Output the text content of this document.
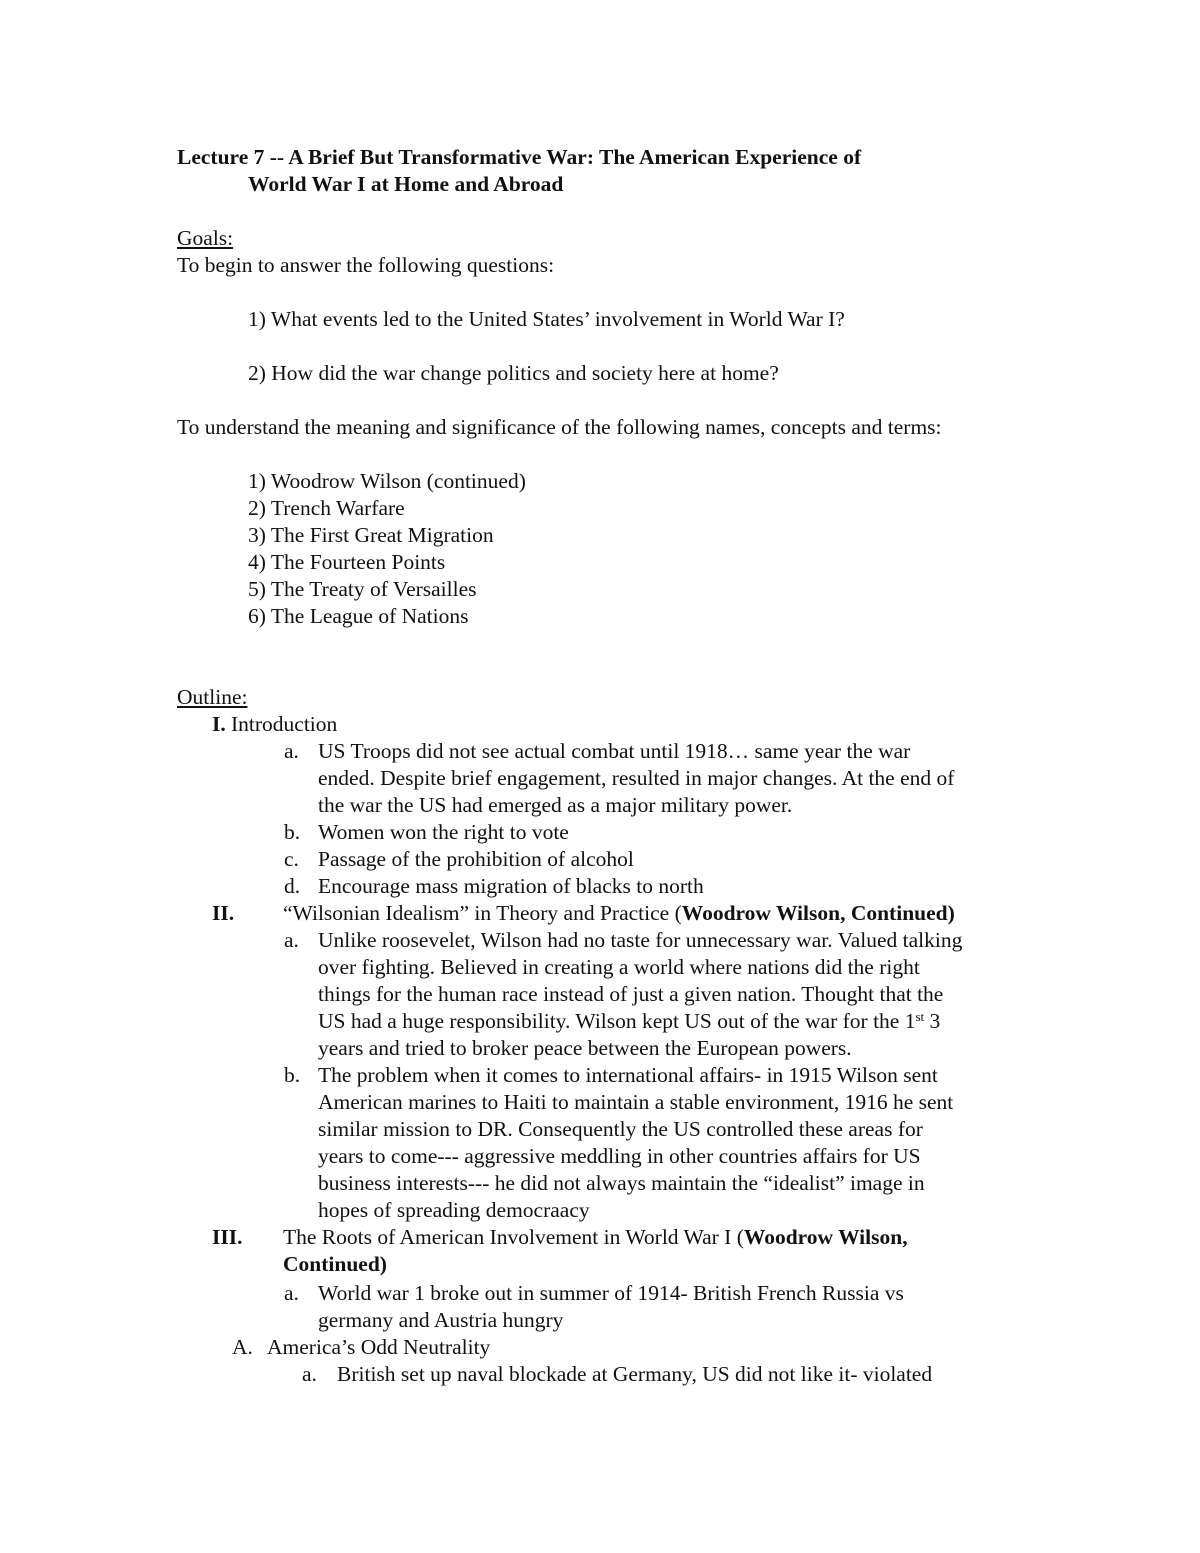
Lecture 7 -- A Brief But Transformative War: The American Experience of
World War I at Home and Abroad
Goals:
To begin to answer the following questions:
1) What events led to the United States’ involvement in World War I?
2) How did the war change politics and society here at home?
To understand the meaning and significance of the following names, concepts and terms:
1) Woodrow Wilson (continued)
2) Trench Warfare
3) The First Great Migration
4) The Fourteen Points
5) The Treaty of Versailles
6) The League of Nations
Outline:
I. Introduction
a. US Troops did not see actual combat until 1918… same year the war
ended. Despite brief engagement, resulted in major changes. At the end of
the war the US had emerged as a major military power.
b. Women won the right to vote
c. Passage of the prohibition of alcohol
d. Encourage mass migration of blacks to north
II. “Wilsonian Idealism” in Theory and Practice (Woodrow Wilson, Continued)
a. Unlike roosevelet, Wilson had no taste for unnecessary war. Valued talking
over fighting. Believed in creating a world where nations did the right
things for the human race instead of just a given nation. Thought that the
US had a huge responsibility. Wilson kept US out of the war for the 1st 3
years and tried to broker peace between the European powers.
b. The problem when it comes to international affairs- in 1915 Wilson sent
American marines to Haiti to maintain a stable environment, 1916 he sent
similar mission to DR. Consequently the US controlled these areas for
years to come--- aggressive meddling in other countries affairs for US
business interests--- he did not always maintain the “idealist” image in
hopes of spreading democraacy
III. The Roots of American Involvement in World War I (Woodrow Wilson,
Continued)
a. World war 1 broke out in summer of 1914- British French Russia vs
germany and Austria hungry
A. America’s Odd Neutrality
a. British set up naval blockade at Germany, US did not like it- violated
